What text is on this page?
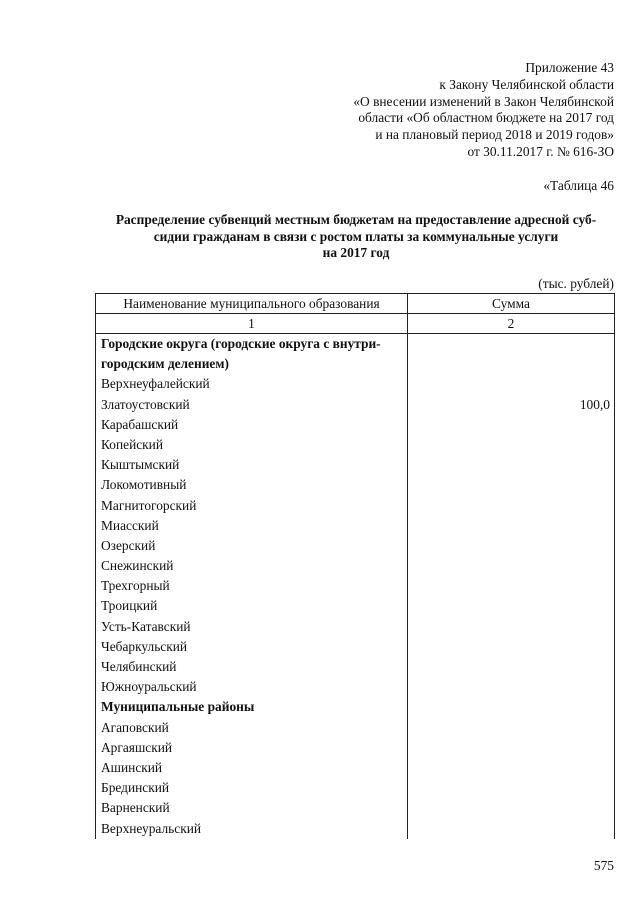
Приложение 43
к Закону Челябинской области
«О внесении изменений в Закон Челябинской
области «Об областном бюджете на 2017 год
и на плановый период 2018 и 2019 годов»
от 30.11.2017 г. № 616-ЗО
«Таблица 46
Распределение субвенций местным бюджетам на предоставление адресной суб-
сидии гражданам в связи с ростом платы за коммунальные услуги
на 2017 год
(тыс. рублей)
Наименование муниципального образования	Сумма
1	2
Городские округа (городские округа с внутри-
городским делением)
Верхнеуфалейский
Златоустовский	100,0
Карабашский
Копейский
Кыштымский
Локомотивный
Магнитогорский
Миасский
Озерский
Снежинский
Трехгорный
Троицкий
Усть-Катавский
Чебаркульский
Челябинский
Южноуральский
Муниципальные районы
Агаповский
Аргаяшский
Ашинский
Брединский
Варненский
Верхнеуральский
575
